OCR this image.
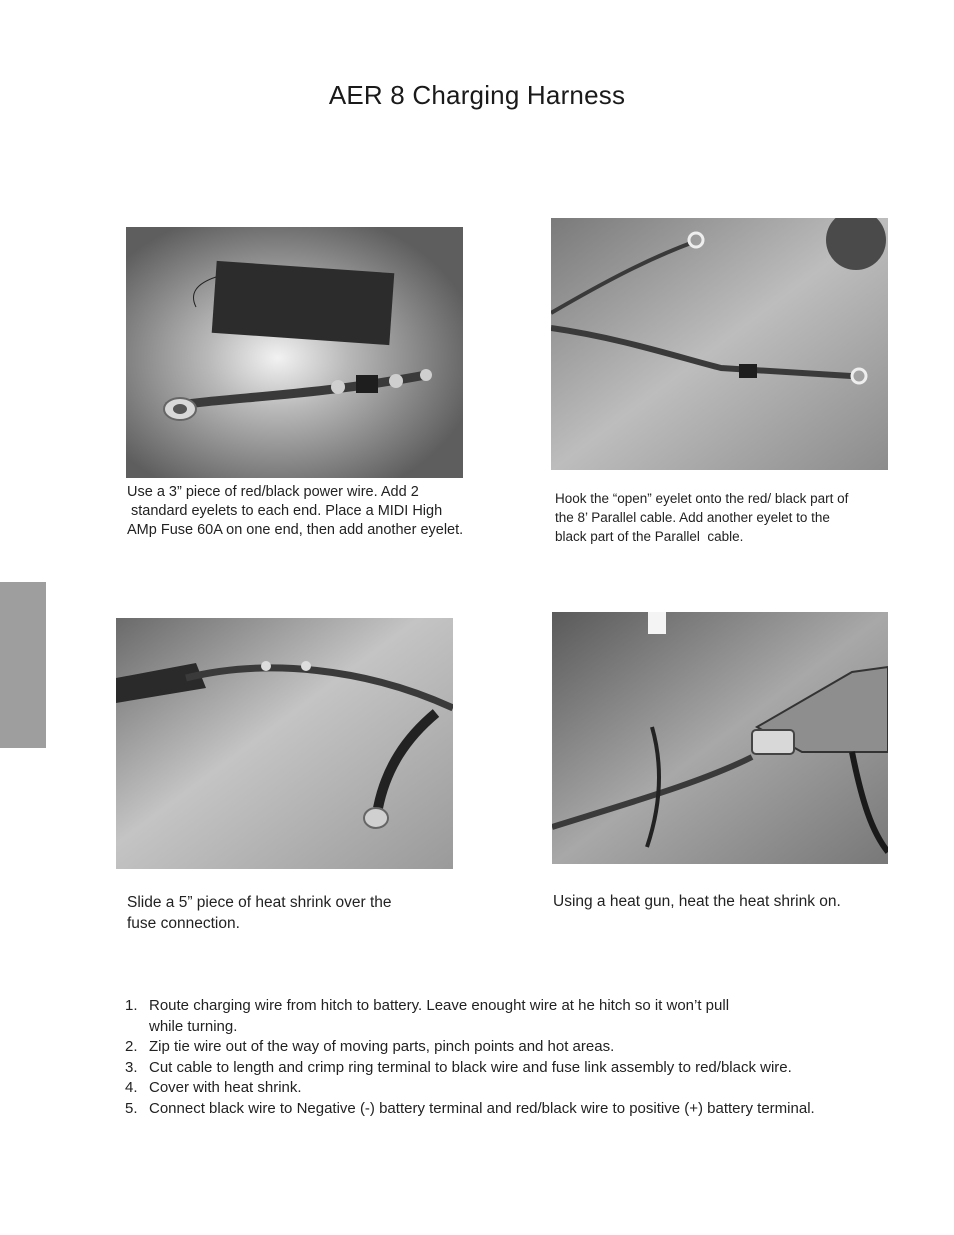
AER 8 Charging Harness
Use a 3” piece of red/black power wire. Add 2
standard eyelets to each end. Place a MIDI High
AMp Fuse 60A on one end, then add another eyelet.
Hook the “open” eyelet onto the red/ black part of
the 8’ Parallel cable. Add another eyelet to the
black part of the Parallel  cable.
Slide a 5” piece of heat shrink over the
fuse connection.
Using a heat gun, heat the heat shrink on.
1. Route charging wire from hitch to battery. Leave enought wire at he hitch so it won’t pull
while turning.
2. Zip tie wire out of the way of moving parts, pinch points and hot areas.
3. Cut cable to length and crimp ring terminal to black wire and fuse link assembly to red/black wire.
4. Cover with heat shrink.
5. Connect black wire to Negative (-) battery terminal and red/black wire to positive (+) battery terminal.
